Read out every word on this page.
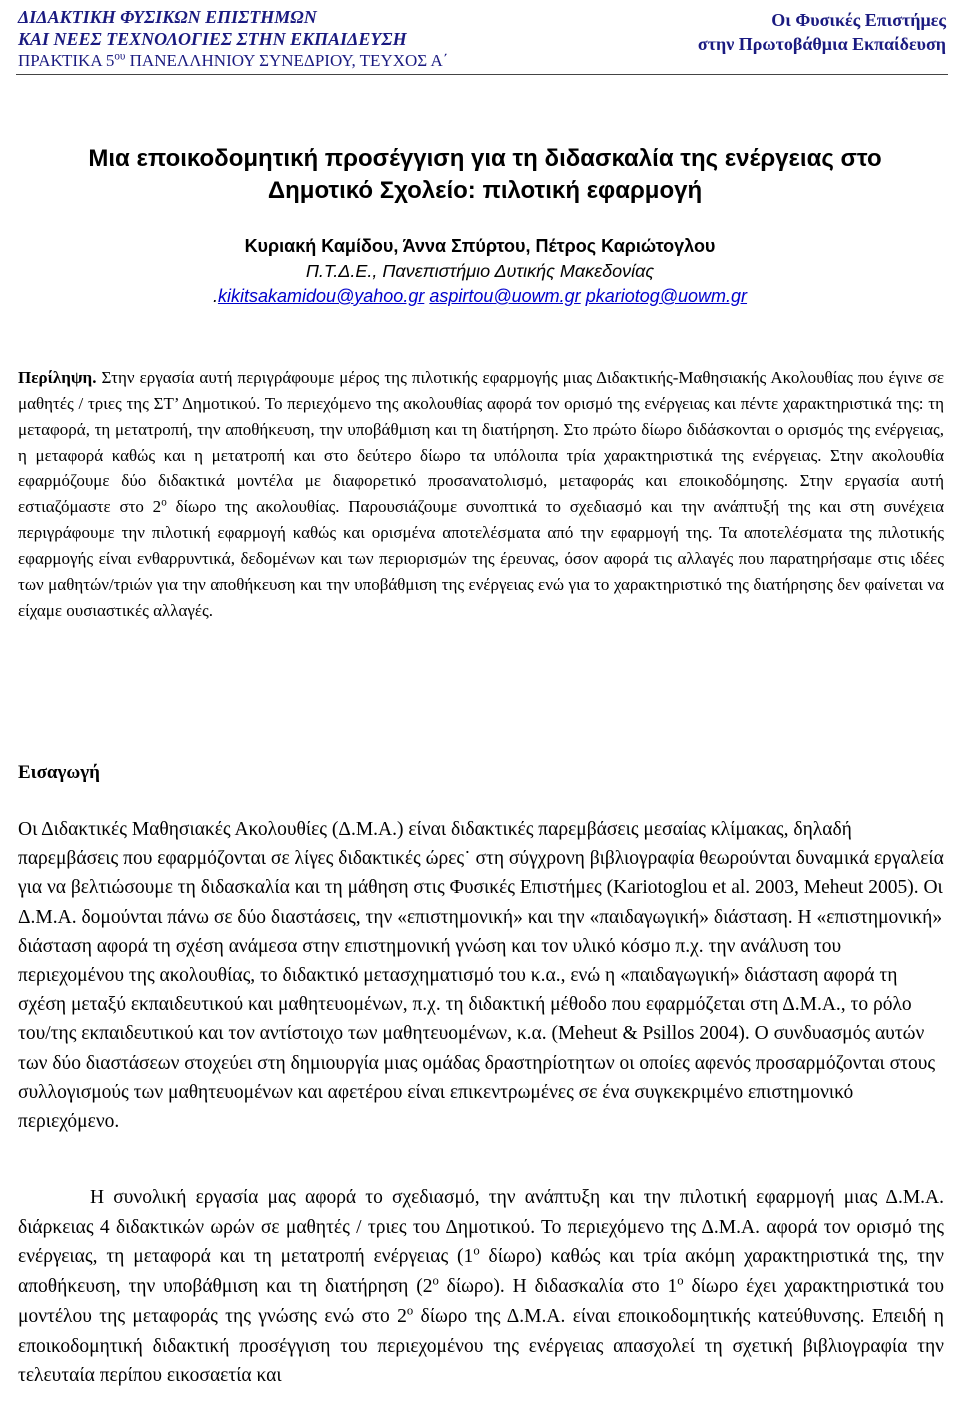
ΔΙΔΑΚΤΙΚΗ ΦΥΣΙΚΩΝ ΕΠΙΣΤΗΜΩΝ
ΚΑΙ ΝΕΕΣ ΤΕΧΝΟΛΟΓΙΕΣ ΣΤΗΝ ΕΚΠΑΙΔΕΥΣΗ
ΠΡΑΚΤΙΚΑ $5^{o\upsilon}$ ΠΑΝΕΛΛΗΝΙΟΥ ΣΥΝΕΔΡΙΟΥ, ΤΕΥΧΟΣ Α΄
Οι Φυσικές Επιστήμες
στην Πρωτοβάθμια Εκπαίδευση
Μια εποικοδομητική προσέγγιση για τη διδασκαλία της ενέργειας στο
Δημοτικό Σχολείο: πιλοτική εφαρμογή
Κυριακή Καμίδου, Άννα Σπύρτου, Πέτρος Καριώτογλου
Π.Τ.Δ.Ε., Πανεπιστήμιο Δυτικής Μακεδονίας
.kikitsakamidou@yahoo.gr aspirtou@uowm.gr pkariotog@uowm.gr
Περίληψη. Στην εργασία αυτή περιγράφουμε μέρος της πιλοτικής εφαρμογής μιας Διδακτικής-Μαθησιακής Ακολουθίας που έγινε σε μαθητές / τριες της ΣΤ’ Δημοτικού. Το περιεχόμενο της ακολουθίας αφορά τον ορισμό της ενέργειας και πέντε χαρακτηριστικά της: τη μεταφορά, τη μετατροπή, την αποθήκευση, την υποβάθμιση και τη διατήρηση. Στο πρώτο δίωρο διδάσκονται ο ορισμός της ενέργειας, η μεταφορά καθώς και η μετατροπή και στο δεύτερο δίωρο τα υπόλοιπα τρία χαρακτηριστικά της ενέργειας. Στην ακολουθία εφαρμόζουμε δύο διδακτικά μοντέλα με διαφορετικό προσανατολισμό, μεταφοράς και εποικοδόμησης. Στην εργασία αυτή εστιαζόμαστε στο $2^o$ δίωρο της ακολουθίας. Παρουσιάζουμε συνοπτικά το σχεδιασμό και την ανάπτυξή της και στη συνέχεια περιγράφουμε την πιλοτική εφαρμογή καθώς και ορισμένα αποτελέσματα από την εφαρμογή της. Τα αποτελέσματα της πιλοτικής εφαρμογής είναι ενθαρρυντικά, δεδομένων και των περιορισμών της έρευνας, όσον αφορά τις αλλαγές που παρατηρήσαμε στις ιδέες των μαθητών/τριών για την αποθήκευση και την υποβάθμιση της ενέργειας ενώ για το χαρακτηριστικό της διατήρησης δεν φαίνεται να είχαμε ουσιαστικές αλλαγές.
Εισαγωγή
Οι Διδακτικές Μαθησιακές Ακολουθίες (Δ.Μ.Α.) είναι διδακτικές παρεμβάσεις μεσαίας κλίμακας, δηλαδή παρεμβάσεις που εφαρμόζονται σε λίγες διδακτικές ώρες˙ στη σύγχρονη βιβλιογραφία θεωρούνται δυναμικά εργαλεία για να βελτιώσουμε τη διδασκαλία και τη μάθηση στις Φυσικές Επιστήμες (Kariotoglou et al. 2003, Meheut 2005). Οι Δ.Μ.Α. δομούνται πάνω σε δύο διαστάσεις, την «επιστημονική» και την «παιδαγωγική» διάσταση. Η «επιστημονική» διάσταση αφορά τη σχέση ανάμεσα στην επιστημονική γνώση και τον υλικό κόσμο π.χ. την ανάλυση του περιεχομένου της ακολουθίας, το διδακτικό μετασχηματισμό του κ.α., ενώ η «παιδαγωγική» διάσταση αφορά τη σχέση μεταξύ εκπαιδευτικού και μαθητευομένων, π.χ. τη διδακτική μέθοδο που εφαρμόζεται στη Δ.Μ.Α., το ρόλο του/της εκπαιδευτικού και τον αντίστοιχο των μαθητευομένων, κ.α. (Meheut & Psillos 2004). Ο συνδυασμός αυτών των δύο διαστάσεων στοχεύει στη δημιουργία μιας ομάδας δραστηρίοτητων οι οποίες αφενός προσαρμόζονται στους συλλογισμούς των μαθητευομένων και αφετέρου είναι επικεντρωμένες σε ένα συγκεκριμένο επιστημονικό περιεχόμενο.
Η συνολική εργασία μας αφορά το σχεδιασμό, την ανάπτυξη και την πιλοτική εφαρμογή μιας Δ.Μ.Α. διάρκειας 4 διδακτικών ωρών σε μαθητές / τριες του Δημοτικού. Το περιεχόμενο της Δ.Μ.Α. αφορά τον ορισμό της ενέργειας, τη μεταφορά και τη μετατροπή ενέργειας ($1^o$ δίωρο) καθώς και τρία ακόμη χαρακτηριστικά της, την αποθήκευση, την υποβάθμιση και τη διατήρηση ($2^o$ δίωρο). Η διδασκαλία στο $1^o$ δίωρο έχει χαρακτηριστικά του μοντέλου της μεταφοράς της γνώσης ενώ στο $2^o$ δίωρο της Δ.Μ.Α. είναι εποικοδομητικής κατεύθυνσης. Επειδή η εποικοδομητική διδακτική προσέγγιση του περιεχομένου της ενέργειας απασχολεί τη σχετική βιβλιογραφία την τελευταία περίπου εικοσαετία και
